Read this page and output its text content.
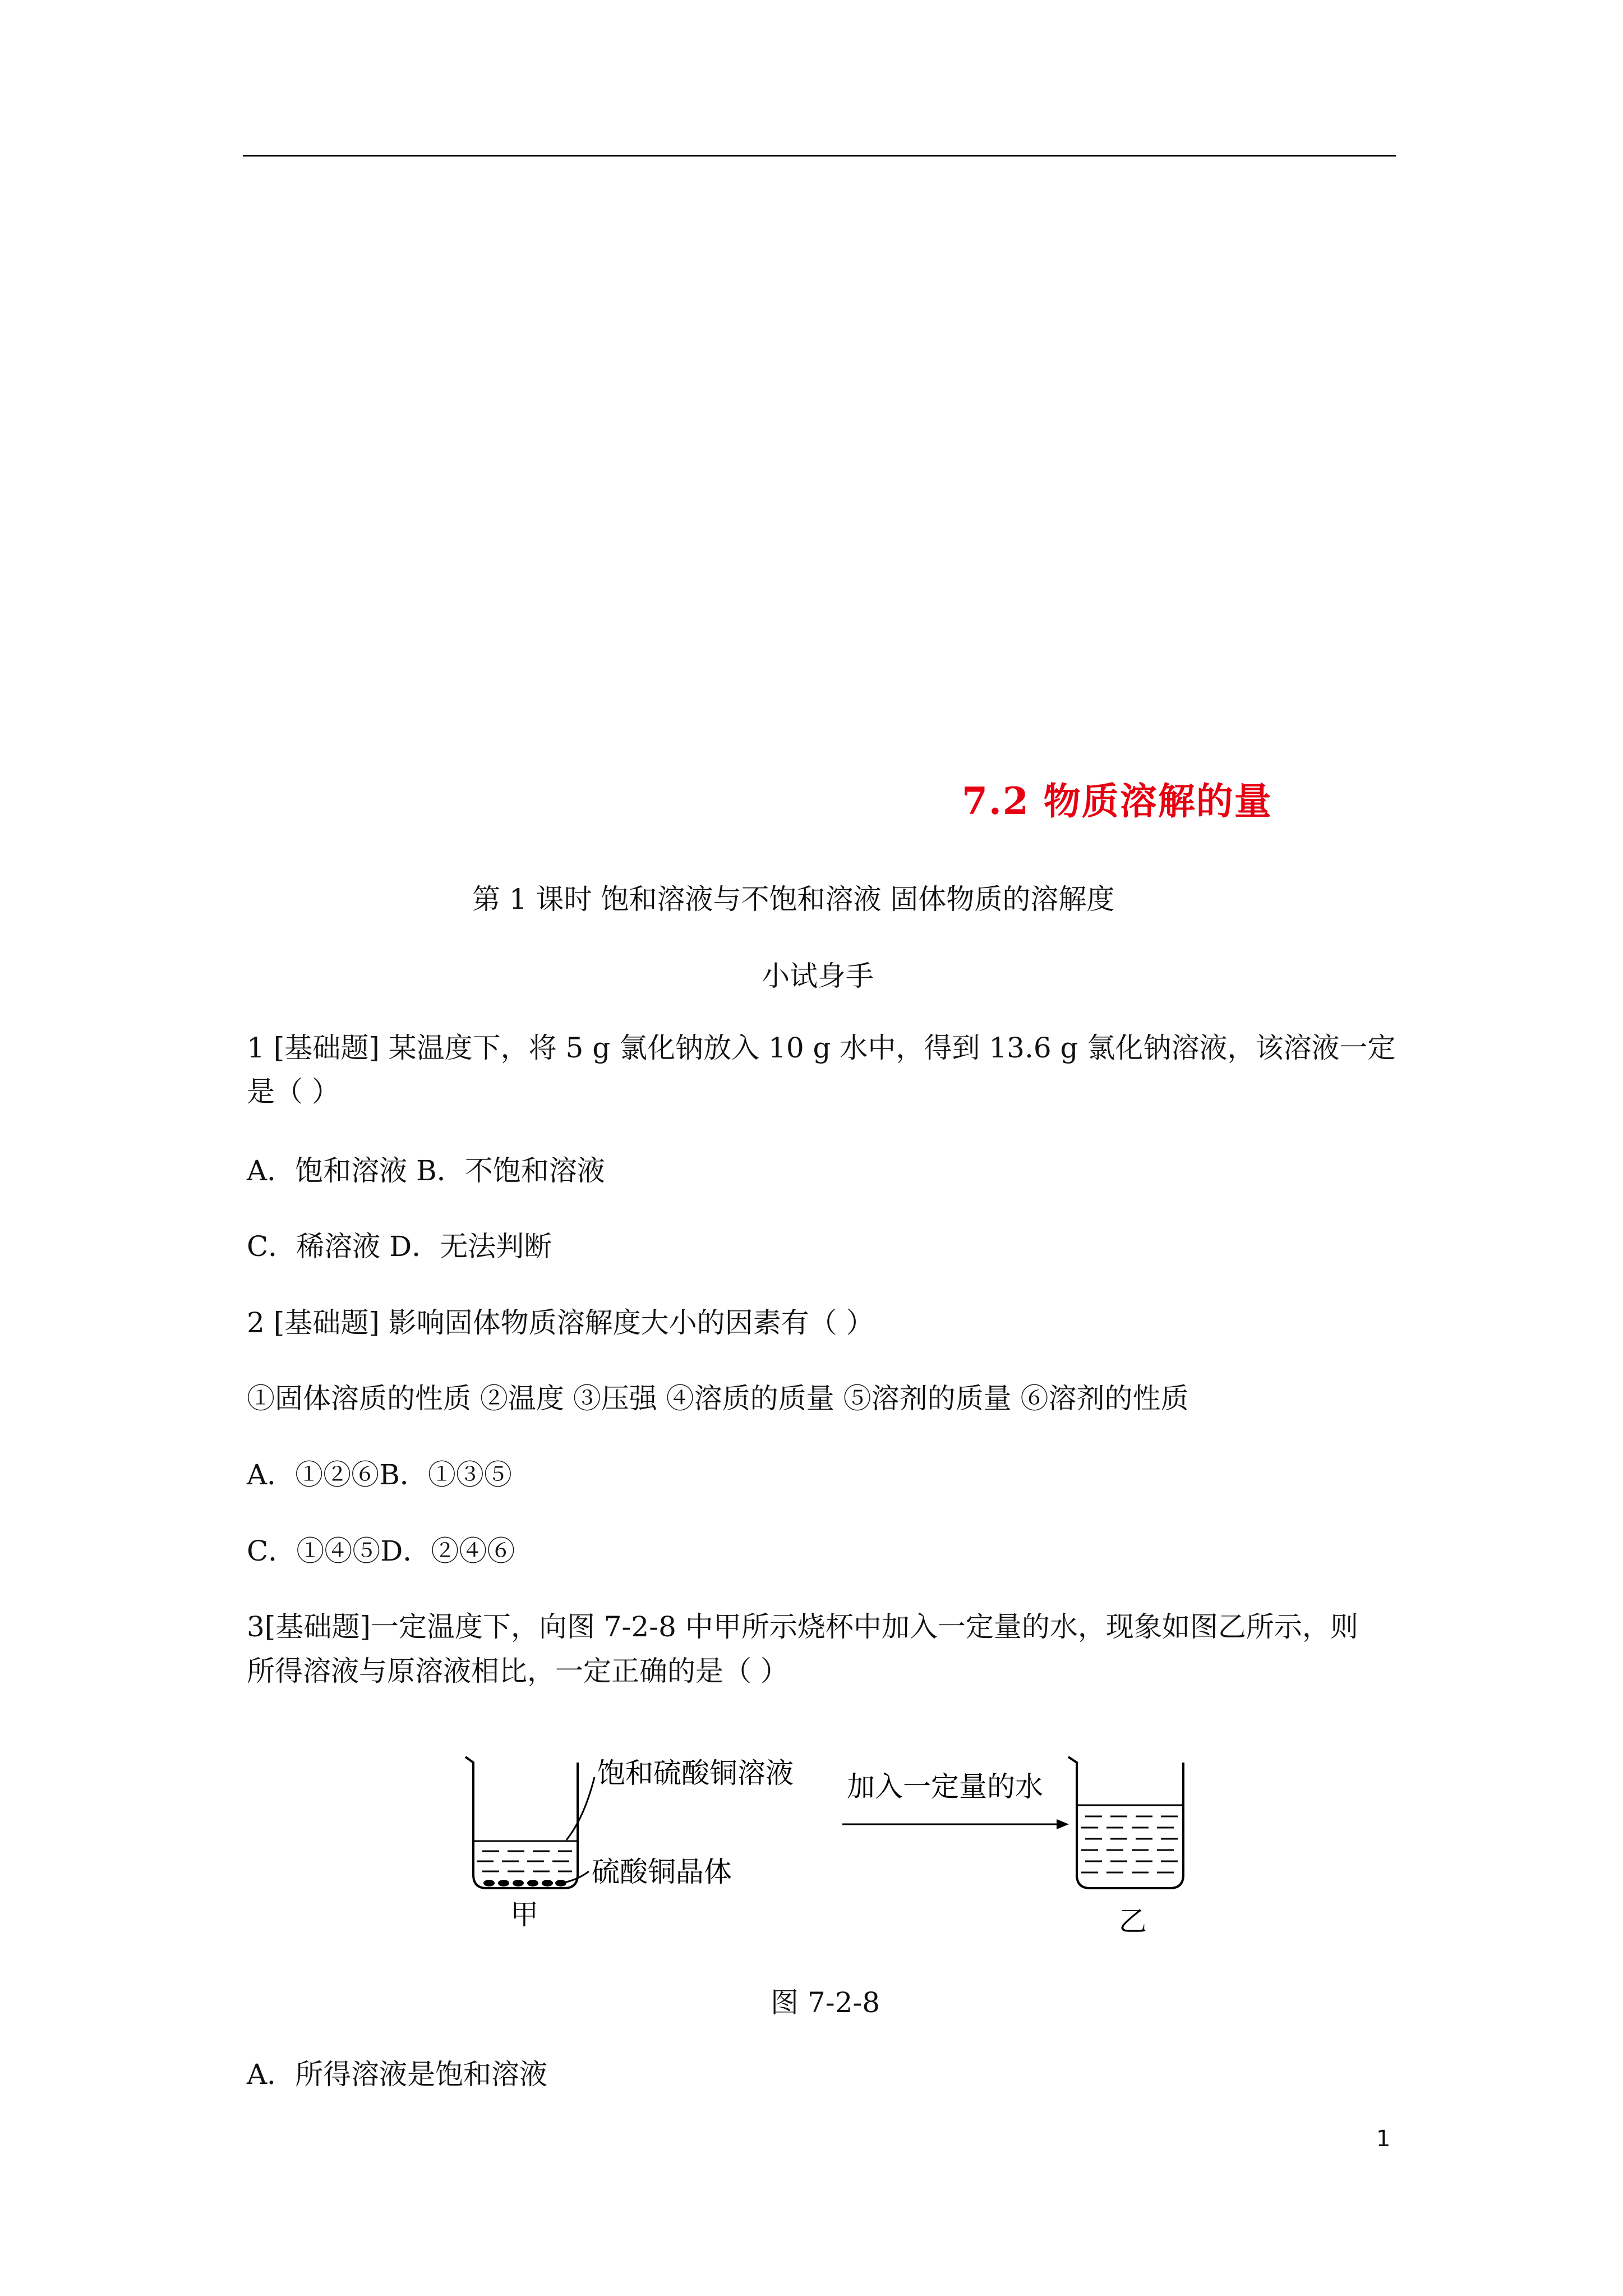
7.2 物质溶解的量
第 1 课时 饱和溶液与不饱和溶液 固体物质的溶解度
小试身手
1 [基础题] 某温度下，将 5 g 氯化钠放入 10 g 水中，得到 13.6 g 氯化钠溶液，该溶液一定
是（ ）
A．饱和溶液 B．不饱和溶液
C．稀溶液 D．无法判断
2 [基础题] 影响固体物质溶解度大小的因素有（ ）
①固体溶质的性质 ②温度 ③压强 ④溶质的质量 ⑤溶剂的质量 ⑥溶剂的性质
A．①②⑥B．①③⑤
C．①④⑤D．②④⑥
3[基础题]一定温度下，向图 7-2-8 中甲所示烧杯中加入一定量的水，现象如图乙所示，则
所得溶液与原溶液相比，一定正确的是（ ）
饱和硫酸铜溶液
硫酸铜晶体
甲
加入一定量的水
乙
图 7-2-8
A．所得溶液是饱和溶液
1
